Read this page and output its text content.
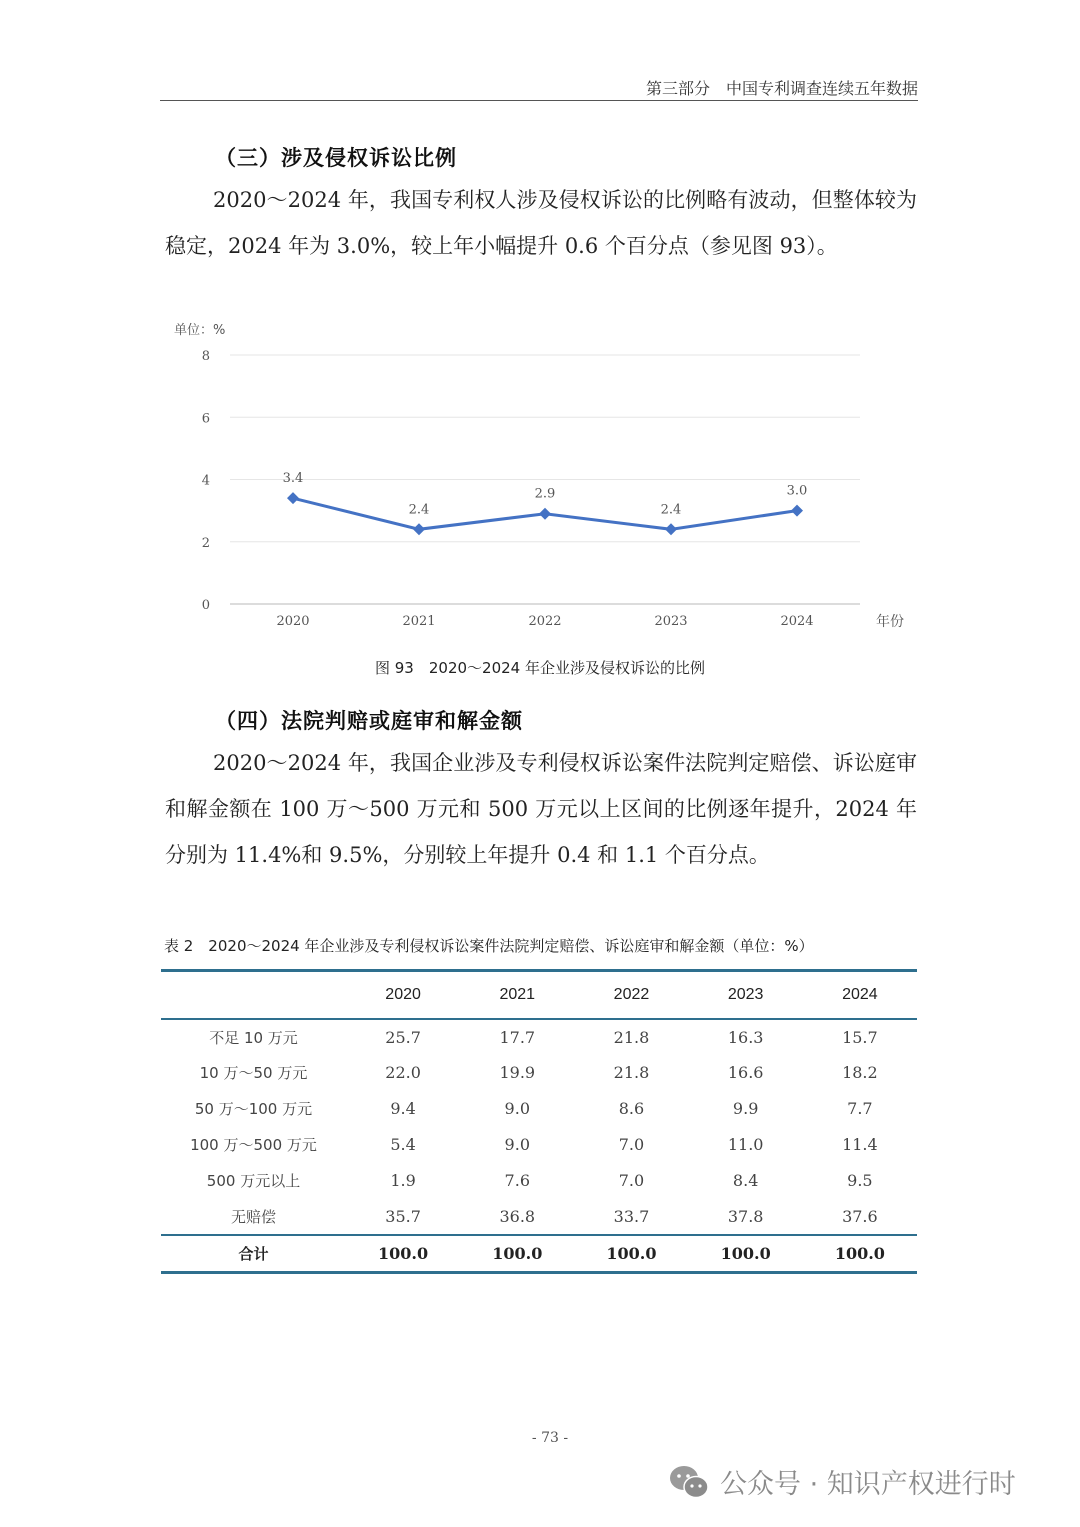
第三部分　中国专利调查连续五年数据
（三）涉及侵权诉讼比例
2020～2024 年，我国专利权人涉及侵权诉讼的比例略有波动，但整体较为稳定，2024 年为 3.0%，较上年小幅提升 0.6 个百分点（参见图 93）。
单位：%
0
2
4
6
8
2020	2021	2022	2023	2024	年份
3.4
2.4
2.9
2.4
3.0
图 93　2020～2024 年企业涉及侵权诉讼的比例
（四）法院判赔或庭审和解金额
2020～2024 年，我国企业涉及专利侵权诉讼案件法院判定赔偿、诉讼庭审和解金额在 100 万～500 万元和 500 万元以上区间的比例逐年提升，2024 年分别为 11.4%和 9.5%，分别较上年提升 0.4 和 1.1 个百分点。
表 2　2020～2024 年企业涉及专利侵权诉讼案件法院判定赔偿、诉讼庭审和解金额（单位：%）
	2020	2021	2022	2023	2024
不足 10 万元	25.7	17.7	21.8	16.3	15.7
10 万～50 万元	22.0	19.9	21.8	16.6	18.2
50 万～100 万元	9.4	9.0	8.6	9.9	7.7
100 万～500 万元	5.4	9.0	7.0	11.0	11.4
500 万元以上	1.9	7.6	7.0	8.4	9.5
无赔偿	35.7	36.8	33.7	37.8	37.6
合计	100.0	100.0	100.0	100.0	100.0
- 73 -
公众号 · 知识产权进行时
